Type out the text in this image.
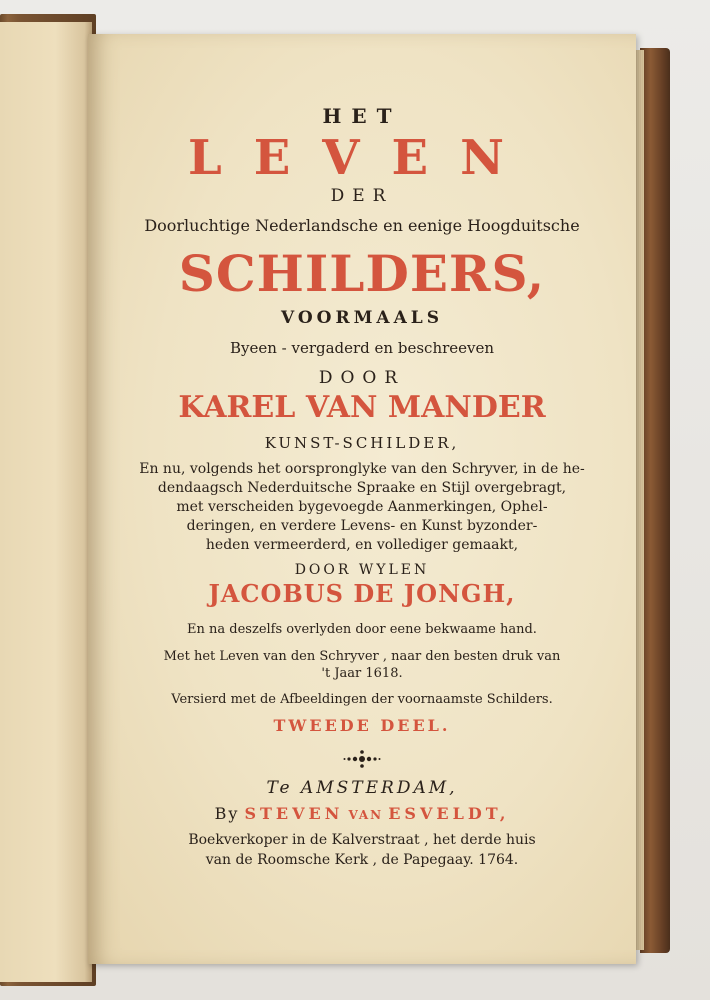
HET
LEVEN
DER
Doorluchtige Nederlandsche en eenige Hoogduitsche
SCHILDERS,
VOORMAALS
Byeen - vergaderd en beschreeven
DOOR
KAREL VAN MANDER
KUNST-SCHILDER,
En nu, volgends het oorspronglyke van den Schryver, in de he-
dendaagsch Nederduitsche Spraake en Stijl overgebragt,
met verscheiden bygevoegde Aanmerkingen, Ophel-
deringen, en verdere Levens- en Kunst byzonder-
heden vermeerderd, en vollediger gemaakt,
DOOR WYLEN
JACOBUS DE JONGH,
En na deszelfs overlyden door eene bekwaame hand.
Met het Leven van den Schryver , naar den besten druk van
't Jaar 1618.
Versierd met de Afbeeldingen der voornaamste Schilders.
TWEEDE DEEL.
Te AMSTERDAM,
By STEVEN VAN ESVELDT,
Boekverkoper in de Kalverstraat , het derde huis
van de Roomsche Kerk , de Papegaay. 1764.
